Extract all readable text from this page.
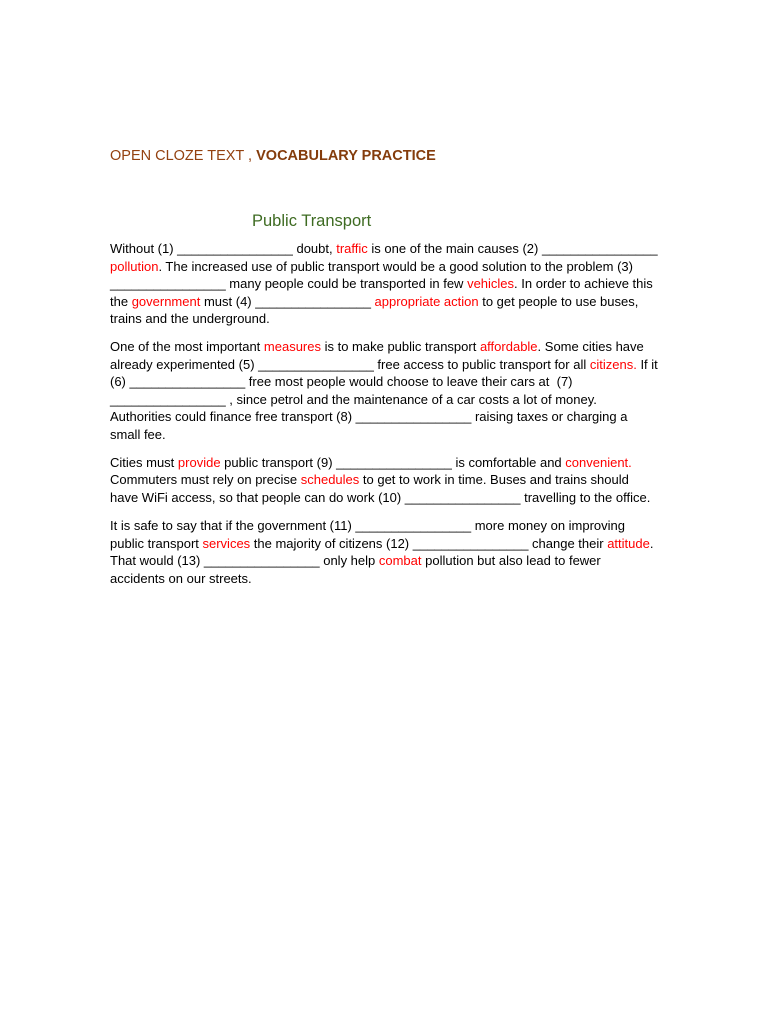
OPEN CLOZE TEXT , VOCABULARY PRACTICE
Public Transport
Without (1) ________________ doubt, traffic is one of the main causes (2) ________________
pollution. The increased use of public transport would be a good solution to the problem (3)
________________ many people could be transported in few vehicles. In order to achieve this
the government must (4) ________________ appropriate action to get people to use buses,
trains and the underground.
One of the most important measures is to make public transport affordable. Some cities have
already experimented (5) ________________ free access to public transport for all citizens. If it
(6) ________________ free most people would choose to leave their cars at  (7)
________________ , since petrol and the maintenance of a car costs a lot of money.
Authorities could finance free transport (8) ________________ raising taxes or charging a
small fee.
Cities must provide public transport (9) ________________ is comfortable and convenient.
Commuters must rely on precise schedules to get to work in time. Buses and trains should
have WiFi access, so that people can do work (10) ________________ travelling to the office.
It is safe to say that if the government (11) ________________ more money on improving
public transport services the majority of citizens (12) ________________ change their attitude.
That would (13) ________________ only help combat pollution but also lead to fewer
accidents on our streets.
